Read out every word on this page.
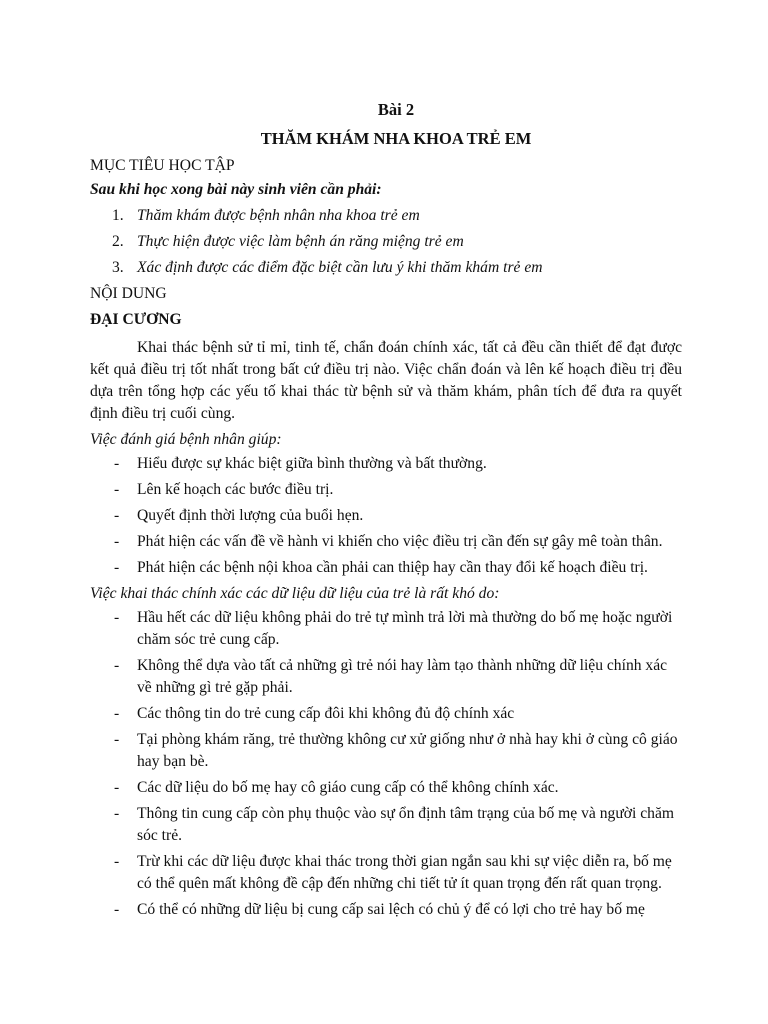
Bài 2
THĂM KHÁM NHA KHOA TRẺ EM
MỤC TIÊU HỌC TẬP
Sau khi học xong bài này sinh viên cần phải:
1. Thăm khám được bệnh nhân nha khoa trẻ em
2. Thực hiện được việc làm bệnh án răng miệng trẻ em
3. Xác định được các điểm đặc biệt cần lưu ý khi thăm khám trẻ em
NỘI DUNG
ĐẠI CƯƠNG
Khai thác bệnh sử tỉ mỉ, tinh tế, chẩn đoán chính xác, tất cả đều cần thiết để đạt được kết quả điều trị tốt nhất trong bất cứ điều trị nào. Việc chẩn đoán và lên kế hoạch điều trị đều dựa trên tổng hợp các yếu tố khai thác từ bệnh sử và thăm khám, phân tích để đưa ra quyết định điều trị cuối cùng.
Việc đánh giá bệnh nhân giúp:
- Hiểu được sự khác biệt giữa bình thường và bất thường.
- Lên kế hoạch các bước điều trị.
- Quyết định thời lượng của buổi hẹn.
- Phát hiện các vấn đề về hành vi khiến cho việc điều trị cần đến sự gây mê toàn thân.
- Phát hiện các bệnh nội khoa cần phải can thiệp hay cần thay đổi kế hoạch điều trị.
Việc khai thác chính xác các dữ liệu dữ liệu của trẻ là rất khó do:
- Hầu hết các dữ liệu không phải do trẻ tự mình trả lời mà thường do bố mẹ hoặc người chăm sóc trẻ cung cấp.
- Không thể dựa vào tất cả những gì trẻ nói hay làm tạo thành những dữ liệu chính xác về những gì trẻ gặp phải.
- Các thông tin do trẻ cung cấp đôi khi không đủ độ chính xác
- Tại phòng khám răng, trẻ thường không cư xử giống như ở nhà hay khi ở cùng cô giáo hay bạn bè.
- Các dữ liệu do bố mẹ hay cô giáo cung cấp có thể không chính xác.
- Thông tin cung cấp còn phụ thuộc vào sự ổn định tâm trạng của bố mẹ và người chăm sóc trẻ.
- Trừ khi các dữ liệu được khai thác trong thời gian ngắn sau khi sự việc diễn ra, bố mẹ có thể quên mất không đề cập đến những chi tiết tử ít quan trọng đến rất quan trọng.
- Có thể có những dữ liệu bị cung cấp sai lệch có chủ ý để có lợi cho trẻ hay bố mẹ
